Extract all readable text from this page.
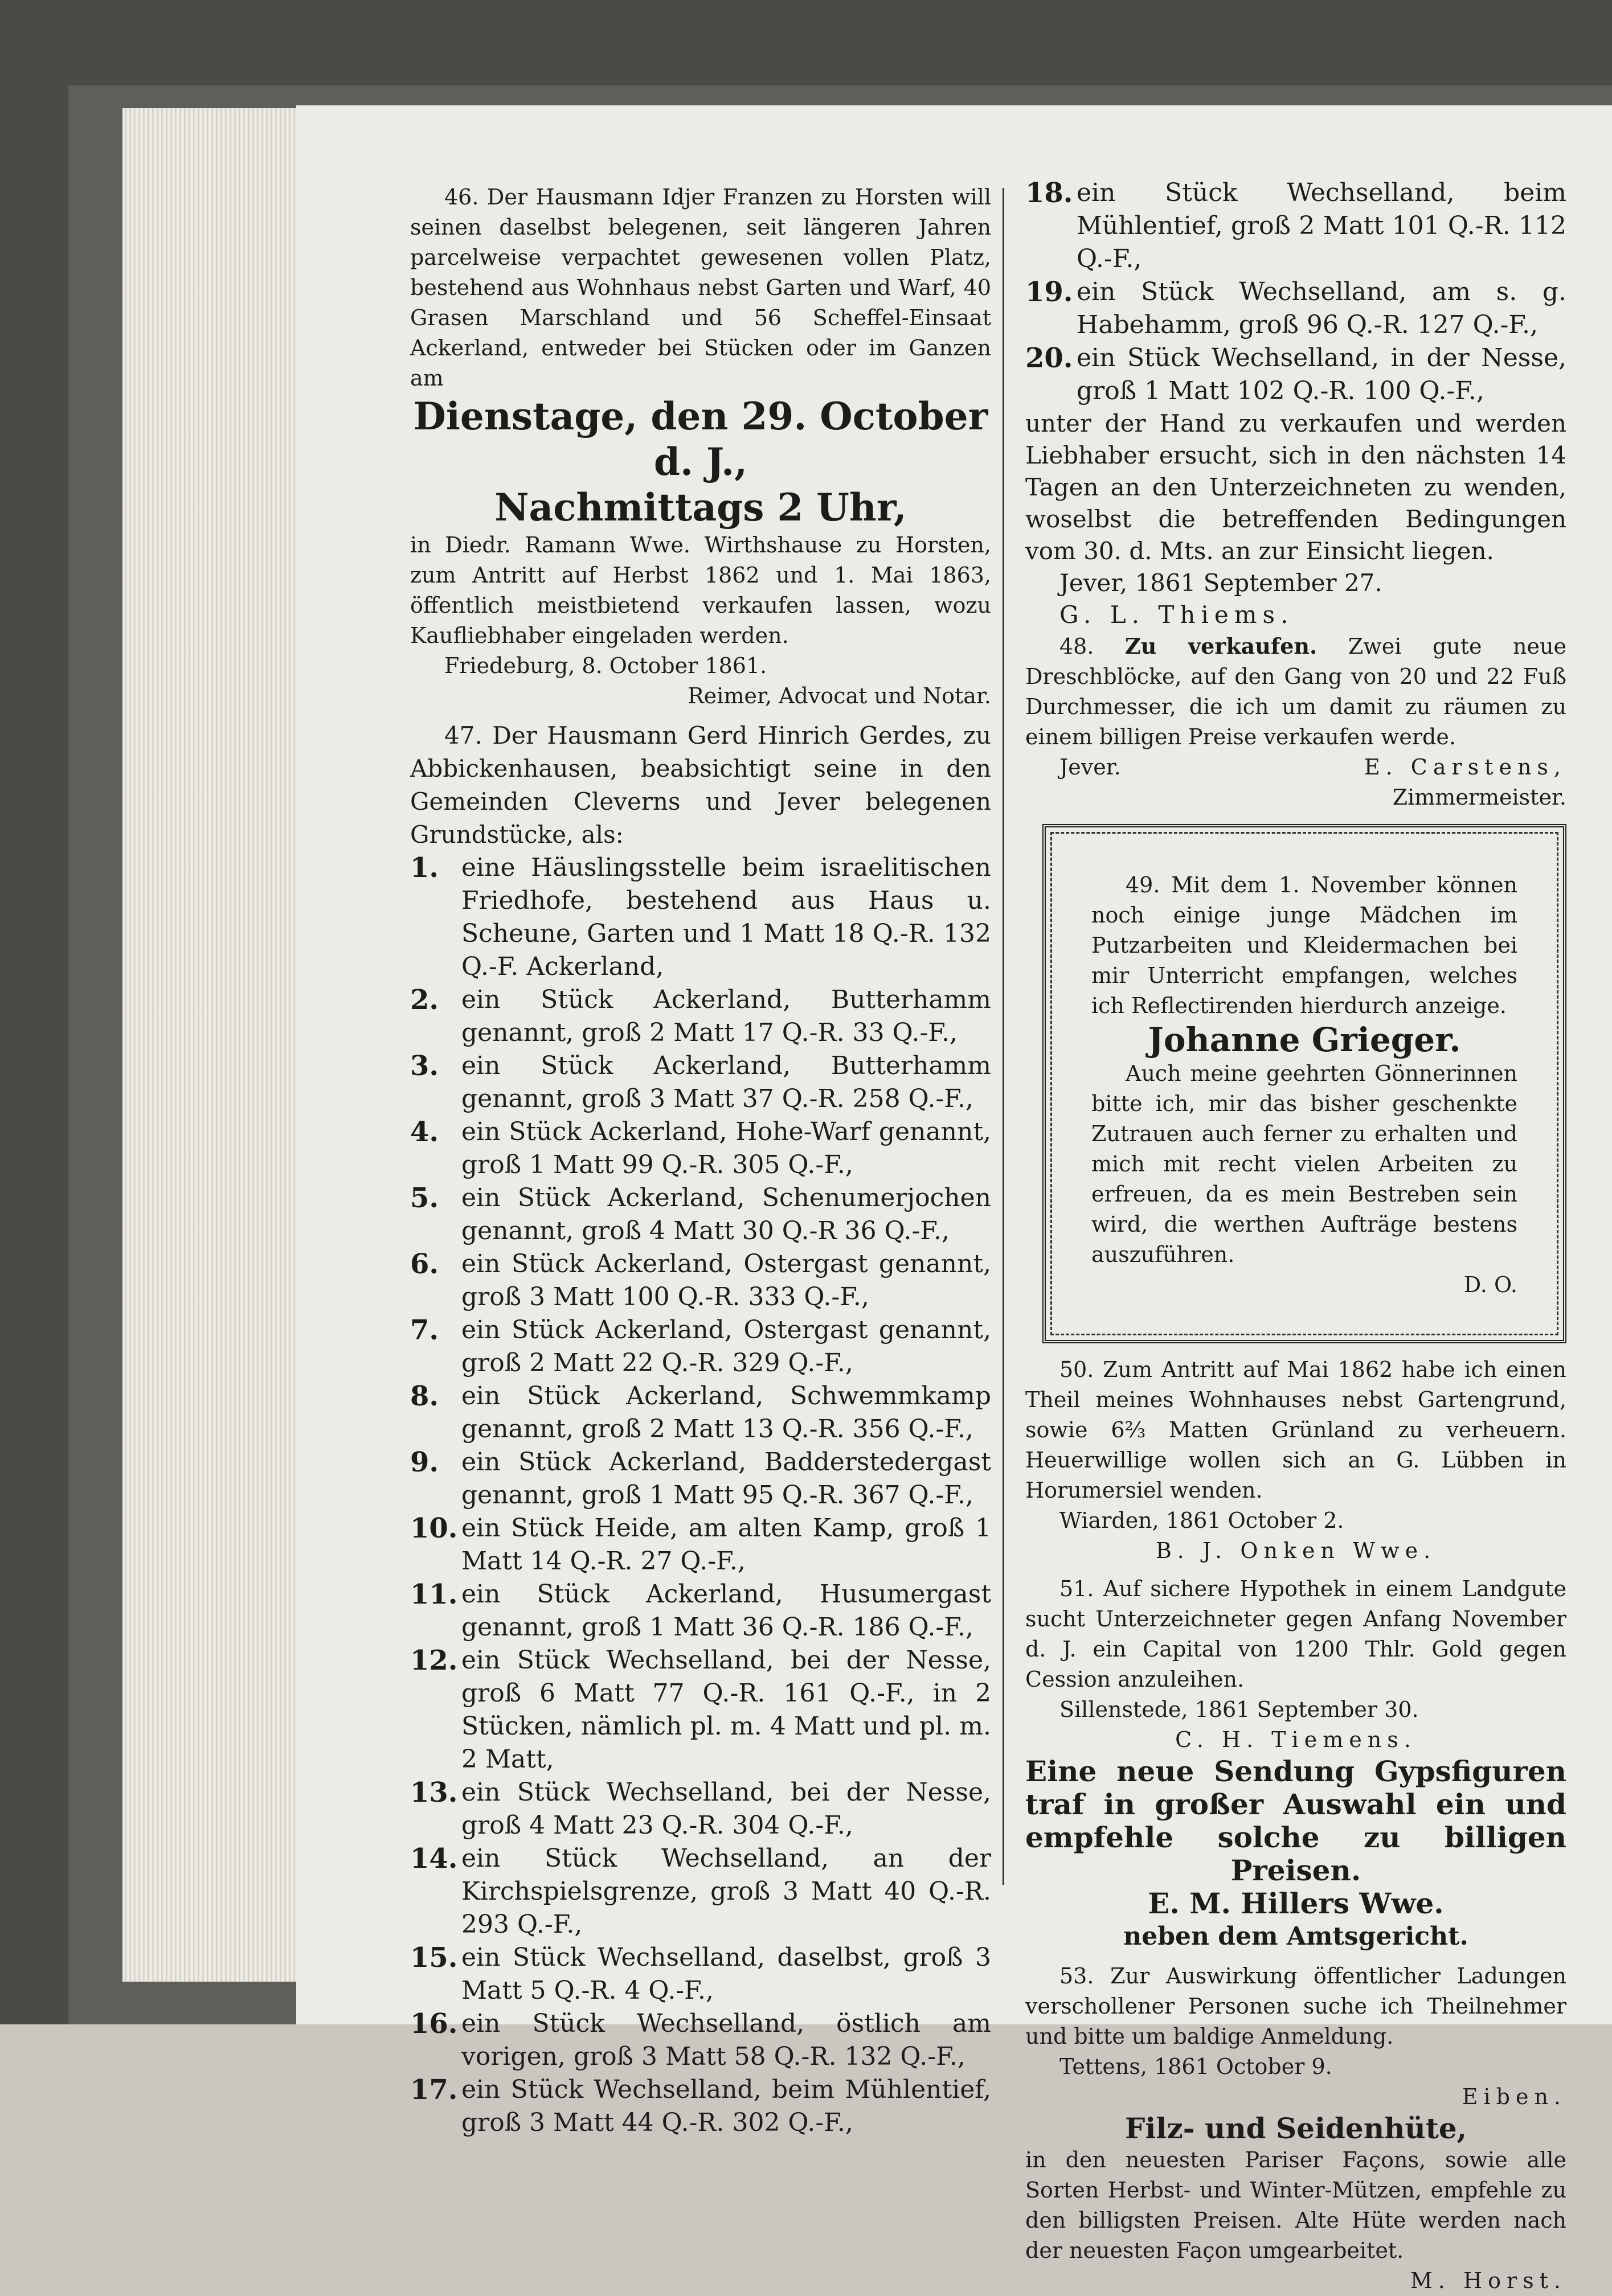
46. Der Hausmann Idjer Franzen zu Horsten will seinen daselbst belegenen, seit längeren Jahren parcelweise verpachtet gewesenen vollen Platz, bestehend aus Wohnhaus nebst Garten und Warf, 40 Grasen Marschland und 56 Scheffel-Einsaat Ackerland, entweder bei Stücken oder im Ganzen am

Dienstage, den 29. October d. J.,

Nachmittags 2 Uhr,

in Diedr. Ramann Wwe. Wirthshause zu Horsten, zum Antritt auf Herbst 1862 und 1. Mai 1863, öffentlich meistbietend verkaufen lassen, wozu Kaufliebhaber eingeladen werden.

Friedeburg, 8. October 1861.

Reimer, Advocat und Notar.

47. Der Hausmann Gerd Hinrich Gerdes, zu Abbickenhausen, beabsichtigt seine in den Gemeinden Cleverns und Jever belegenen Grundstücke, als:

1. eine Häuslingsstelle beim israelitischen Friedhofe, bestehend aus Haus u. Scheune, Garten und 1 Matt 18 Q.-R. 132 Q.-F. Ackerland,
2. ein Stück Ackerland, Butterhamm genannt, groß 2 Matt 17 Q.-R. 33 Q.-F.,
3. ein Stück Ackerland, Butterhamm genannt, groß 3 Matt 37 Q.-R. 258 Q.-F.,
4. ein Stück Ackerland, Hohe-Warf genannt, groß 1 Matt 99 Q.-R. 305 Q.-F.,
5. ein Stück Ackerland, Schenumerjochen genannt, groß 4 Matt 30 Q.-R 36 Q.-F.,
6. ein Stück Ackerland, Ostergast genannt, groß 3 Matt 100 Q.-R. 333 Q.-F.,
7. ein Stück Ackerland, Ostergast genannt, groß 2 Matt 22 Q.-R. 329 Q.-F.,
8. ein Stück Ackerland, Schwemmkamp genannt, groß 2 Matt 13 Q.-R. 356 Q.-F.,
9. ein Stück Ackerland, Badderstedergast genannt, groß 1 Matt 95 Q.-R. 367 Q.-F.,
10. ein Stück Heide, am alten Kamp, groß 1 Matt 14 Q.-R. 27 Q.-F.,
11. ein Stück Ackerland, Husumergast genannt, groß 1 Matt 36 Q.-R. 186 Q.-F.,
12. ein Stück Wechselland, bei der Nesse, groß 6 Matt 77 Q.-R. 161 Q.-F., in 2 Stücken, nämlich pl. m. 4 Matt und pl. m. 2 Matt,
13. ein Stück Wechselland, bei der Nesse, groß 4 Matt 23 Q.-R. 304 Q.-F.,
14. ein Stück Wechselland, an der Kirchspielsgrenze, groß 3 Matt 40 Q.-R. 293 Q.-F.,
15. ein Stück Wechselland, daselbst, groß 3 Matt 5 Q.-R. 4 Q.-F.,
16. ein Stück Wechselland, östlich am vorigen, groß 3 Matt 58 Q.-R. 132 Q.-F.,
17. ein Stück Wechselland, beim Mühlentief, groß 3 Matt 44 Q.-R. 302 Q.-F.,
18. ein Stück Wechselland, beim Mühlentief, groß 2 Matt 101 Q.-R. 112 Q.-F.,
19. ein Stück Wechselland, am s. g. Habehamm, groß 96 Q.-R. 127 Q.-F.,
20. ein Stück Wechselland, in der Nesse, groß 1 Matt 102 Q.-R. 100 Q.-F.,

unter der Hand zu verkaufen und werden Liebhaber ersucht, sich in den nächsten 14 Tagen an den Unterzeichneten zu wenden, woselbst die betreffenden Bedingungen vom 30. d. Mts. an zur Einsicht liegen.

Jever, 1861 September 27.

G. L. Thiems.

48. Zu verkaufen. Zwei gute neue Dreschblöcke, auf den Gang von 20 und 22 Fuß Durchmesser, die ich um damit zu räumen zu einem billigen Preise verkaufen werde.

Jever.	E. Carstens,

Zimmermeister.

49. Mit dem 1. November können noch einige junge Mädchen im Putzarbeiten und Kleidermachen bei mir Unterricht empfangen, welches ich Reflectirenden hierdurch anzeige.

Johanne Grieger.

Auch meine geehrten Gönnerinnen bitte ich, mir das bisher geschenkte Zutrauen auch ferner zu erhalten und mich mit recht vielen Arbeiten zu erfreuen, da es mein Bestreben sein wird, die werthen Aufträge bestens auszuführen.

D. O.

50. Zum Antritt auf Mai 1862 habe ich einen Theil meines Wohnhauses nebst Gartengrund, sowie 6⅔ Matten Grünland zu verheuern. Heuerwillige wollen sich an G. Lübben in Horumersiel wenden.

Wiarden, 1861 October 2.

B. J. Onken Wwe.

51. Auf sichere Hypothek in einem Landgute sucht Unterzeichneter gegen Anfang November d. J. ein Capital von 1200 Thlr. Gold gegen Cession anzuleihen.

Sillenstede, 1861 September 30.

C. H. Tiemens.

Eine neue Sendung Gypsfiguren traf in großer Auswahl ein und empfehle solche zu billigen Preisen.

E. M. Hillers Wwe.

neben dem Amtsgericht.

53. Zur Auswirkung öffentlicher Ladungen verschollener Personen suche ich Theilnehmer und bitte um baldige Anmeldung.

Tettens, 1861 October 9.

Eiben.

Filz- und Seidenhüte,

in den neuesten Pariser Façons, sowie alle Sorten Herbst- und Winter-Mützen, empfehle zu den billigsten Preisen. Alte Hüte werden nach der neuesten Façon umgearbeitet.

M. Horst.
